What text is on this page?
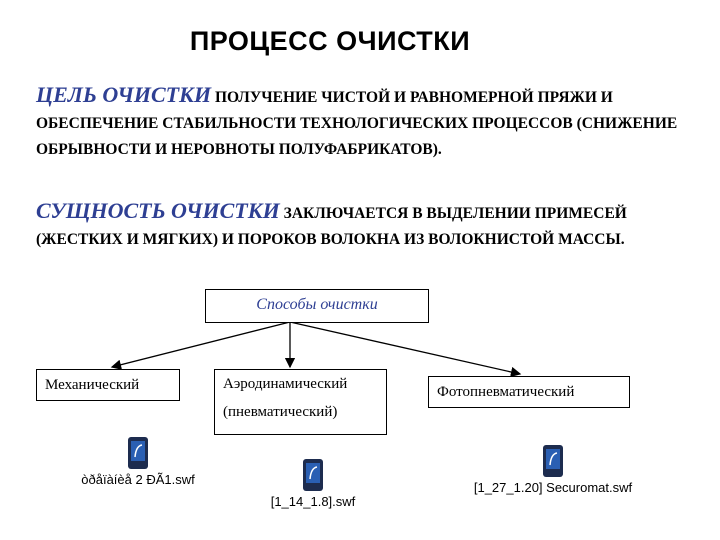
ПРОЦЕСС ОЧИСТКИ
ЦЕЛЬ ОЧИСТКИ ПОЛУЧЕНИЕ ЧИСТОЙ И РАВНОМЕРНОЙ ПРЯЖИ И ОБЕСПЕЧЕНИЕ СТАБИЛЬНОСТИ ТЕХНОЛОГИЧЕСКИХ ПРОЦЕССОВ (СНИЖЕНИЕ ОБРЫВНОСТИ И НЕРОВНОТЫ ПОЛУФАБРИКАТОВ).
СУЩНОСТЬ ОЧИСТКИ ЗАКЛЮЧАЕТСЯ В ВЫДЕЛЕНИИ ПРИМЕСЕЙ (ЖЕСТКИХ И МЯГКИХ) И ПОРОКОВ ВОЛОКНА ИЗ ВОЛОКНИСТОЙ МАССЫ.
Способы очистки
Механический	Аэродинамический
(пневматический)
Фотопневматический
òðåïàíèå 2 ÐÃ1.swf
[1_14_1.8].swf
[1_27_1.20] Securomat.swf
